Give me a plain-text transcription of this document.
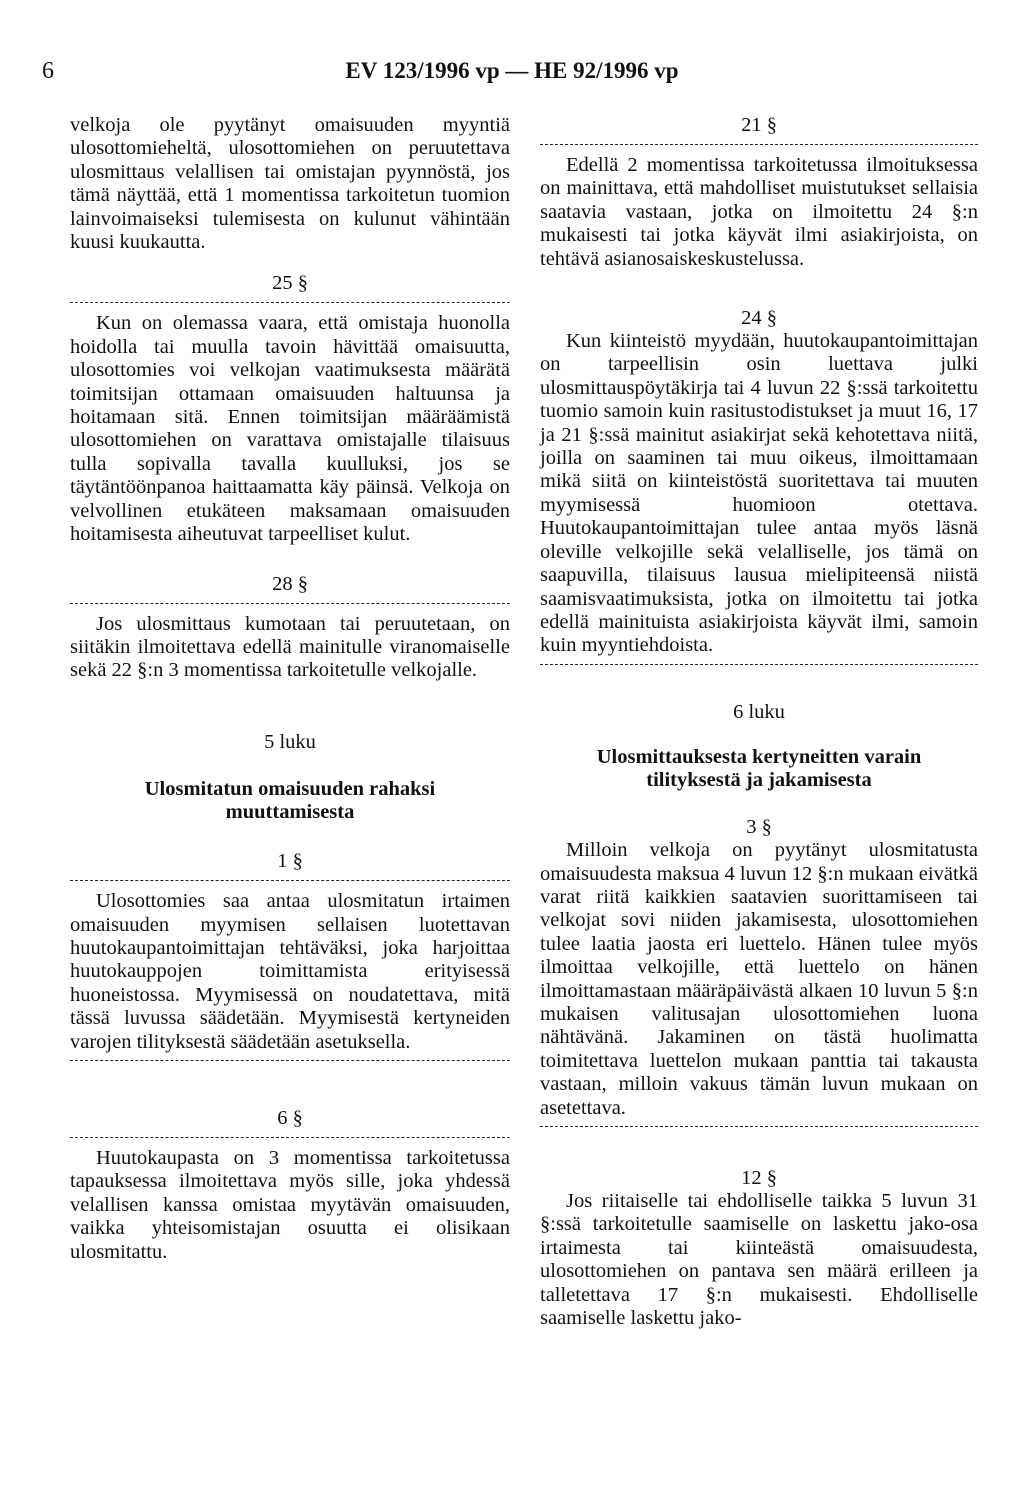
6	EV 123/1996 vp — HE 92/1996 vp

velkoja ole pyytänyt omaisuuden myyntiä ulosottomieheltä, ulosottomiehen on peruutettava ulosmittaus velallisen tai omistajan pyynnöstä, jos tämä näyttää, että 1 momentissa tarkoitetun tuomion lainvoimaiseksi tulemisesta on kulunut vähintään kuusi kuukautta.

25 §

Kun on olemassa vaara, että omistaja huonolla hoidolla tai muulla tavoin hävittää omaisuutta, ulosottomies voi velkojan vaatimuksesta määrätä toimitsijan ottamaan omaisuuden haltuunsa ja hoitamaan sitä. Ennen toimitsijan määräämistä ulosottomiehen on varattava omistajalle tilaisuus tulla sopivalla tavalla kuulluksi, jos se täytäntöönpanoa haittaamatta käy päinsä. Velkoja on velvollinen etukäteen maksamaan omaisuuden hoitamisesta aiheutuvat tarpeelliset kulut.

28 §

Jos ulosmittaus kumotaan tai peruutetaan, on siitäkin ilmoitettava edellä mainitulle viranomaiselle sekä 22 §:n 3 momentissa tarkoitetulle velkojalle.

5 luku
Ulosmitatun omaisuuden rahaksi muuttamisesta
1 §

Ulosottomies saa antaa ulosmitatun irtaimen omaisuuden myymisen sellaisen luotettavan huutokaupantoimittajan tehtäväksi, joka harjoittaa huutokauppojen toimittamista erityisessä huoneistossa. Myymisessä on noudatettava, mitä tässä luvussa säädetään. Myymisestä kertyneiden varojen tilityksestä säädetään asetuksella.

6 §

Huutokaupasta on 3 momentissa tarkoitetussa tapauksessa ilmoitettava myös sille, joka yhdessä velallisen kanssa omistaa myytävän omaisuuden, vaikka yhteisomistajan osuutta ei olisikaan ulosmitattu.

21 §

Edellä 2 momentissa tarkoitetussa ilmoituksessa on mainittava, että mahdolliset muistutukset sellaisia saatavia vastaan, jotka on ilmoitettu 24 §:n mukaisesti tai jotka käyvät ilmi asiakirjoista, on tehtävä asianosaiskeskustelussa.

24 §

Kun kiinteistö myydään, huutokaupantoimittajan on tarpeellisin osin luettava julki ulosmittauspöytäkirja tai 4 luvun 22 §:ssä tarkoitettu tuomio samoin kuin rasitustodistukset ja muut 16, 17 ja 21 §:ssä mainitut asiakirjat sekä kehotettava niitä, joilla on saaminen tai muu oikeus, ilmoittamaan mikä siitä on kiinteistöstä suoritettava tai muuten myymisessä huomioon otettava. Huutokaupantoimittajan tulee antaa myös läsnä oleville velkojille sekä velalliselle, jos tämä on saapuvilla, tilaisuus lausua mielipiteensä niistä saamisvaatimuksista, jotka on ilmoitettu tai jotka edellä mainituista asiakirjoista käyvät ilmi, samoin kuin myyntiehdoista.

6 luku
Ulosmittauksesta kertyneitten varain tilityksestä ja jakamisesta
3 §

Milloin velkoja on pyytänyt ulosmitatusta omaisuudesta maksua 4 luvun 12 §:n mukaan eivätkä varat riitä kaikkien saatavien suorittamiseen tai velkojat sovi niiden jakamisesta, ulosottomiehen tulee laatia jaosta eri luettelo. Hänen tulee myös ilmoittaa velkojille, että luettelo on hänen ilmoittamastaan määräpäivästä alkaen 10 luvun 5 §:n mukaisen valitusajan ulosottomiehen luona nähtävänä. Jakaminen on tästä huolimatta toimitettava luettelon mukaan panttia tai takausta vastaan, milloin vakuus tämän luvun mukaan on asetettava.

12 §

Jos riitaiselle tai ehdolliselle taikka 5 luvun 31 §:ssä tarkoitetulle saamiselle on laskettu jako-osa irtaimesta tai kiinteästä omaisuudesta, ulosottomiehen on pantava sen määrä erilleen ja talletettava 17 §:n mukaisesti. Ehdolliselle saamiselle laskettu jako-
